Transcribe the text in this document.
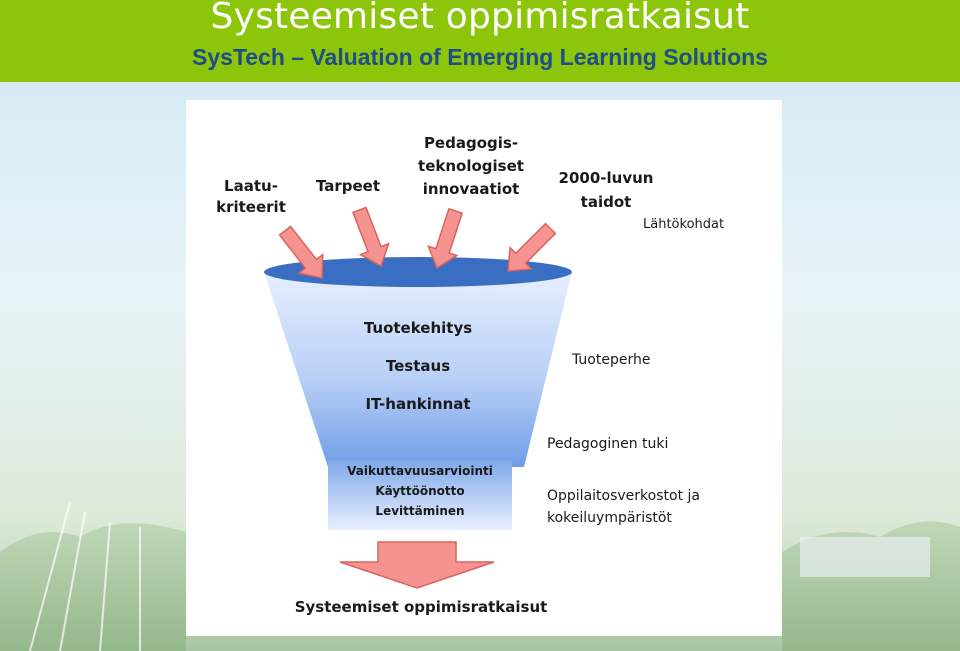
Systeemiset oppimisratkaisut
SysTech – Valuation of Emerging Learning Solutions
Laatu-
kriteerit
Tarpeet
Pedagogis-
teknologiset
innovaatiot
2000-luvun
taidot
Tuotekehitys
Testaus
IT-hankinnat
Vaikuttavuusarviointi
Käyttöönotto
Levittäminen
Lähtökohdat
Tuoteperhe
Pedagoginen tuki
Oppilaitosverkostot ja
kokeiluympäristöt
Systeemiset oppimisratkaisut
